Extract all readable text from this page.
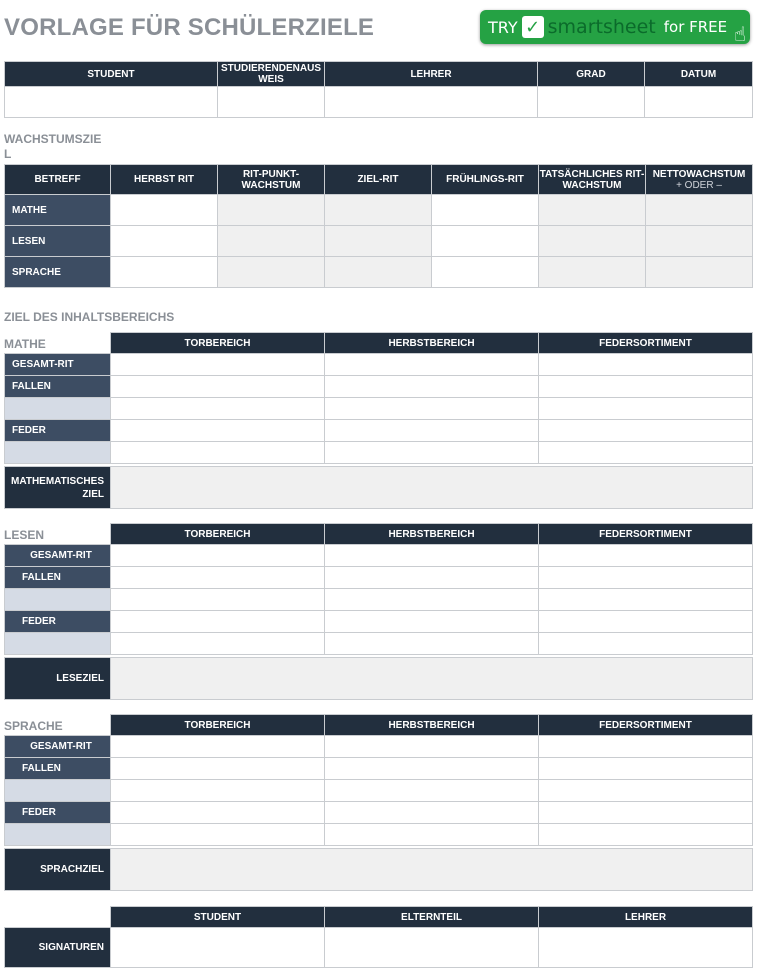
VORLAGE FÜR SCHÜLERZIELE	TRY ✓ smartsheet for FREE ☝
STUDENT	STUDIERENDENAUS WEIS	LEHRER	GRAD	DATUM

WACHSTUMSZIE L
BETREFF	HERBST RIT	RIT-PUNKT-WACHSTUM	ZIEL-RIT	FRÜHLINGS-RIT	TATSÄCHLICHES RIT-WACHSTUM	NETTOWACHSTUM
+ ODER –
MATHE						
LESEN						
SPRACHE						
ZIEL DES INHALTSBEREICHS
MATHE
		TORBEREICH	HERBSTBEREICH	FEDERSORTIMENT
GESAMT-RIT			
FALLEN			

FEDER			

MATHEMATISCHES ZIEL			
LESEN
		TORBEREICH	HERBSTBEREICH	FEDERSORTIMENT
GESAMT-RIT			
FALLEN			

FEDER			

LESEZIEL			
SPRACHE
		TORBEREICH	HERBSTBEREICH	FEDERSORTIMENT
GESAMT-RIT			
FALLEN			

FEDER			

SPRACHZIEL			
	STUDENT	ELTERNTEIL	LEHRER
SIGNATUREN			
